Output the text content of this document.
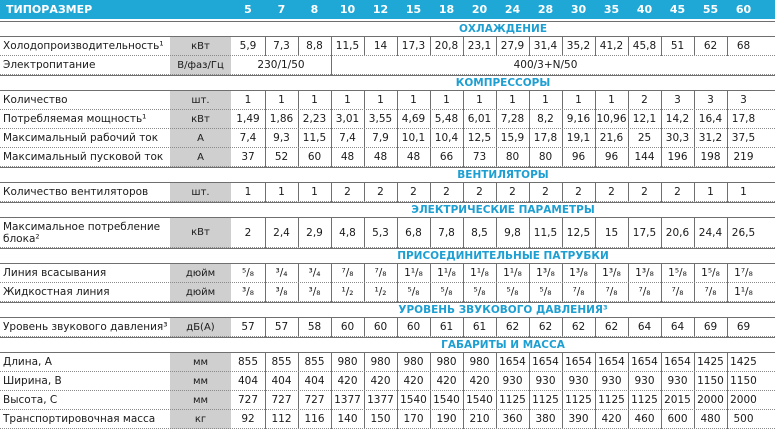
ТИПОРАЗМЕР	5	7	8	10	12	15	18	20	24	28	30	35	40	45	55	60
ОХЛАЖДЕНИЕ
Холодопроизводительность¹	кВт	5,9	7,3	8,8	11,5	14	17,3 20,8 23,1 27,9 31,4 35,2 41,2 45,8	51	62	68
Электропитание	В/фаз/Гц	230/1/50	400/3+N/50
КОМПРЕССОРЫ
Количество	шт.	1	1	1	1	1	1	1	1	1	1	1	1	2	3	3	3
Потребляемая мощность¹	кВт	1,49 1,86 2,23 3,01 3,55 4,69 5,48 6,01 7,28	8,2	9,16 10,96 12,1 14,2 16,4 17,8
Максимальный рабочий ток	А	7,4	9,3	11,5	7,4	7,9	10,1 10,4 12,5 15,9 17,8 19,1 21,6	25	30,3 31,2 37,5
Максимальный пусковой ток	А	37	52	60	48	48	48	66	73	80	80	96	96	144	196	198	219
ВЕНТИЛЯТОРЫ
Количество вентиляторов	шт.	1	1	1	2	2	2	2	2	2	2	2	2	2	2	1	1
ЭЛЕКТРИЧЕСКИЕ ПАРАМЕТРЫ
Максимальное потребление
блока²
кВт	2	2,4	2,9	4,8	5,3	6,8	7,8	8,5	9,8	11,5 12,5	15	17,5 20,6 24,4 26,5
ПРИСОЕДИНИТЕЛЬНЫЕ ПАТРУБКИ
Линия всасывания	дюйм	⁵/₈	³/₄	³/₄	⁷/₈	⁷/₈	1¹/₈	1¹/₈	1¹/₈	1¹/₈	1³/₈	1³/₈	1³/₈	1³/₈	1⁵/₈	1⁵/₈	1⁷/₈
Жидкостная линия	дюйм	³/₈	³/₈	³/₈	¹/₂	¹/₂	⁵/₈	⁵/₈	⁵/₈	⁵/₈	⁵/₈	⁷/₈	⁷/₈	⁷/₈	⁷/₈	⁷/₈	1¹/₈
УРОВЕНЬ ЗВУКОВОГО ДАВЛЕНИЯ³
Уровень звукового давления³	дБ(А)	57	57	58	60	60	60	61	61	62	62	62	62	64	64	69	69
ГАБАРИТЫ И МАССА
Длина, А	мм	855	855	855	980	980	980	980	980 1654 1654 1654 1654 1654 1654 1425 1425
Ширина, В	мм	404	404	404	420	420	420	420	420	930	930	930	930	930	930 1150 1150
Высота, С	мм	727	727	727 1377 1377 1540 1540 1540 1125 1125 1125 1125 1125 2015 2000 2000
Транспортировочная масса	кг	92	112	116	140	150	170	190	210	360	380	390	420	460	600	480	500
